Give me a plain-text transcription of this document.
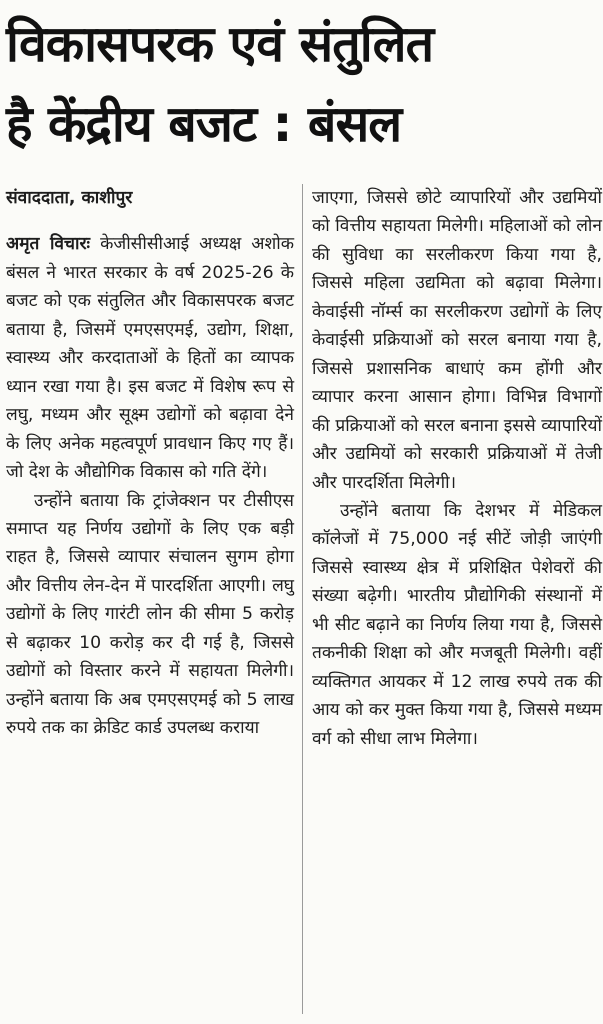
विकासपरक एवं संतुलित
है केंद्रीय बजट : बंसल

संवाददाता, काशीपुर

अमृत विचारः केजीसीसीआई अध्यक्ष अशोक बंसल ने भारत सरकार के वर्ष 2025-26 के बजट को एक संतुलित और विकासपरक बजट बताया है, जिसमें एमएसएमई, उद्योग, शिक्षा, स्वास्थ्य और करदाताओं के हितों का व्यापक ध्यान रखा गया है। इस बजट में विशेष रूप से लघु, मध्यम और सूक्ष्म उद्योगों को बढ़ावा देने के लिए अनेक महत्वपूर्ण प्रावधान किए गए हैं। जो देश के औद्योगिक विकास को गति देंगे।

उन्होंने बताया कि ट्रांजेक्शन पर टीसीएस समाप्त यह निर्णय उद्योगों के लिए एक बड़ी राहत है, जिससे व्यापार संचालन सुगम होगा और वित्तीय लेन-देन में पारदर्शिता आएगी। लघु उद्योगों के लिए गारंटी लोन की सीमा 5 करोड़ से बढ़ाकर 10 करोड़ कर दी गई है, जिससे उद्योगों को विस्तार करने में सहायता मिलेगी। उन्होंने बताया कि अब एमएसएमई को 5 लाख रुपये तक का क्रेडिट कार्ड उपलब्ध कराया

जाएगा, जिससे छोटे व्यापारियों और उद्यमियों को वित्तीय सहायता मिलेगी। महिलाओं को लोन की सुविधा का सरलीकरण किया गया है, जिससे महिला उद्यमिता को बढ़ावा मिलेगा। केवाईसी नॉर्म्स का सरलीकरण उद्योगों के लिए केवाईसी प्रक्रियाओं को सरल बनाया गया है, जिससे प्रशासनिक बाधाएं कम होंगी और व्यापार करना आसान होगा। विभिन्न विभागों की प्रक्रियाओं को सरल बनाना इससे व्यापारियों और उद्यमियों को सरकारी प्रक्रियाओं में तेजी और पारदर्शिता मिलेगी।

उन्होंने बताया कि देशभर में मेडिकल कॉलेजों में 75,000 नई सीटें जोड़ी जाएंगी जिससे स्वास्थ्य क्षेत्र में प्रशिक्षित पेशेवरों की संख्या बढ़ेगी। भारतीय प्रौद्योगिकी संस्थानों में भी सीट बढ़ाने का निर्णय लिया गया है, जिससे तकनीकी शिक्षा को और मजबूती मिलेगी। वहीं व्यक्तिगत आयकर में 12 लाख रुपये तक की आय को कर मुक्त किया गया है, जिससे मध्यम वर्ग को सीधा लाभ मिलेगा।
